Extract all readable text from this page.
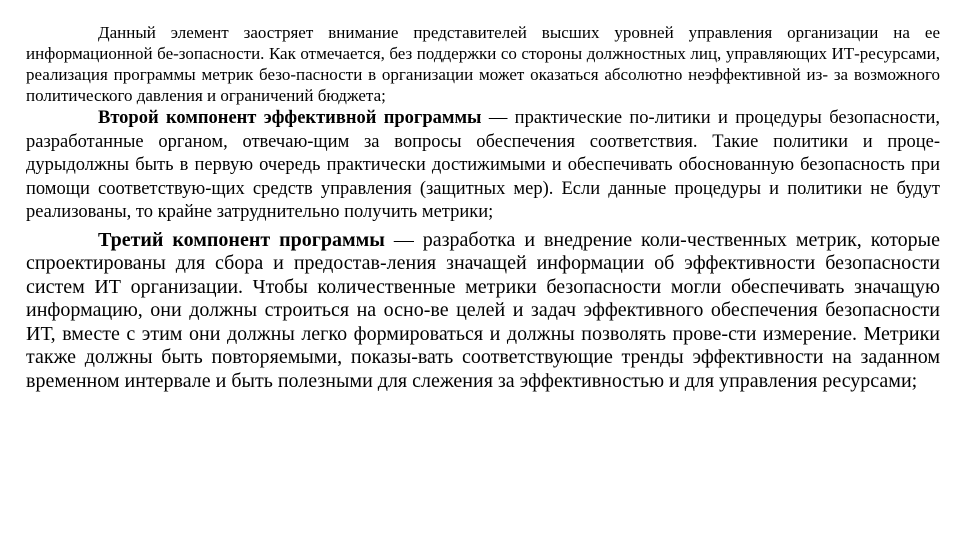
Данный элемент заостряет внимание представителей высших уровней управления организации на ее информационной бе-зопасности. Как отмечается, без поддержки со стороны должностных лиц, управляющих ИТ-ресурсами, реализация программы метрик безо-пасности в организации может оказаться абсолютно неэффективной из- за возможного политического давления и ограничений бюджета;

Второй компонент эффективной программы — практические по-литики и процедуры безопасности, разработанные органом, отвечаю-щим за вопросы обеспечения соответствия. Такие политики и проце-дурыдолжны быть в первую очередь практически достижимыми и обеспечивать обоснованную безопасность при помощи соответствую-щих средств управления (защитных мер). Если данные процедуры и политики не будут реализованы, то крайне затруднительно получить метрики;

Третий компонент программы — разработка и внедрение коли-чественных метрик, которые спроектированы для сбора и предостав-ления значащей информации об эффективности безопасности систем ИТ организации. Чтобы количественные метрики безопасности могли обеспечивать значащую информацию, они должны строиться на осно-ве целей и задач эффективного обеспечения безопасности ИТ, вместе с этим они должны легко формироваться и должны позволять прове-сти измерение. Метрики также должны быть повторяемыми, показы-вать соответствующие тренды эффективности на заданном временном интервале и быть полезными для слежения за эффективностью и для управления ресурсами;
